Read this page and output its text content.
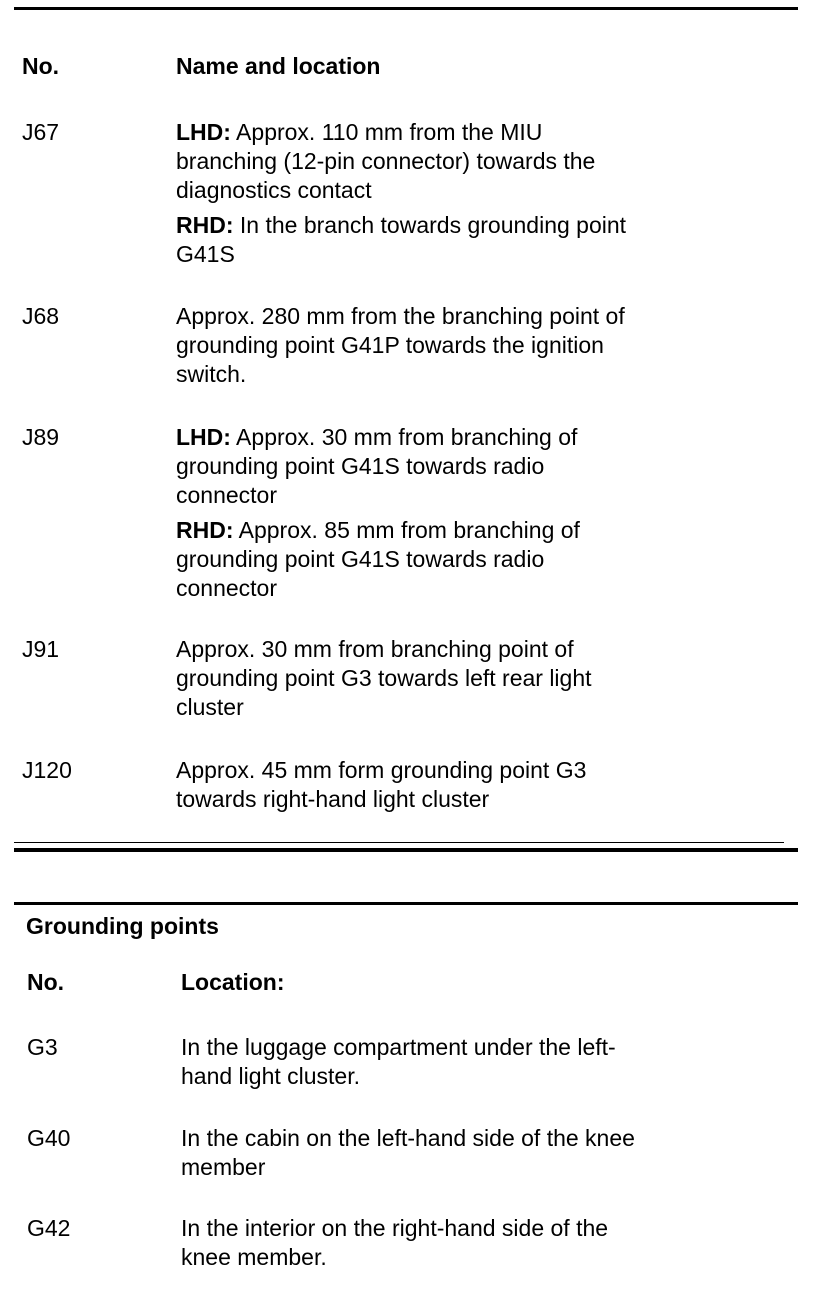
No.	Name and location
J67	LHD: Approx. 110 mm from the MIU
branching (12-pin connector) towards the
diagnostics contact
RHD: In the branch towards grounding point
G41S
J68	Approx. 280 mm from the branching point of
grounding point G41P towards the ignition
switch.
J89	LHD: Approx. 30 mm from branching of
grounding point G41S towards radio
connector
RHD: Approx. 85 mm from branching of
grounding point G41S towards radio
connector
J91	Approx. 30 mm from branching point of
grounding point G3 towards left rear light
cluster
J120	Approx. 45 mm form grounding point G3
towards right-hand light cluster
Grounding points
No.	Location:
G3	In the luggage compartment under the left-
hand light cluster.
G40	In the cabin on the left-hand side of the knee
member
G42	In the interior on the right-hand side of the
knee member.
